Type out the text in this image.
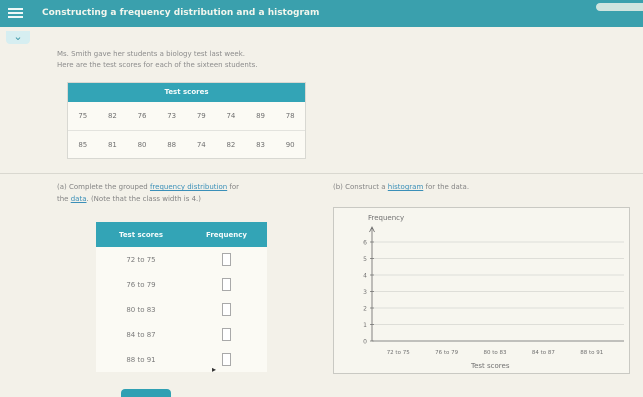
Constructing a frequency distribution and a histogram
⌄
Ms. Smith gave her students a biology test last week.
Here are the test scores for each of the sixteen students.
Test scores
75	82	76	73	79	74	89	78
85	81	80	88	74	82	83	90
(a) Complete the grouped frequency distribution for
the data. (Note that the class width is 4.)
(b) Construct a histogram for the data.
Test scores	Frequency
72 to 75
76 to 79
80 to 83
84 to 87
88 to 91
▸
Frequency
Test scores
0
1
2
3
4
5
6
72 to 75	76 to 79	80 to 83	84 to 87	88 to 91
